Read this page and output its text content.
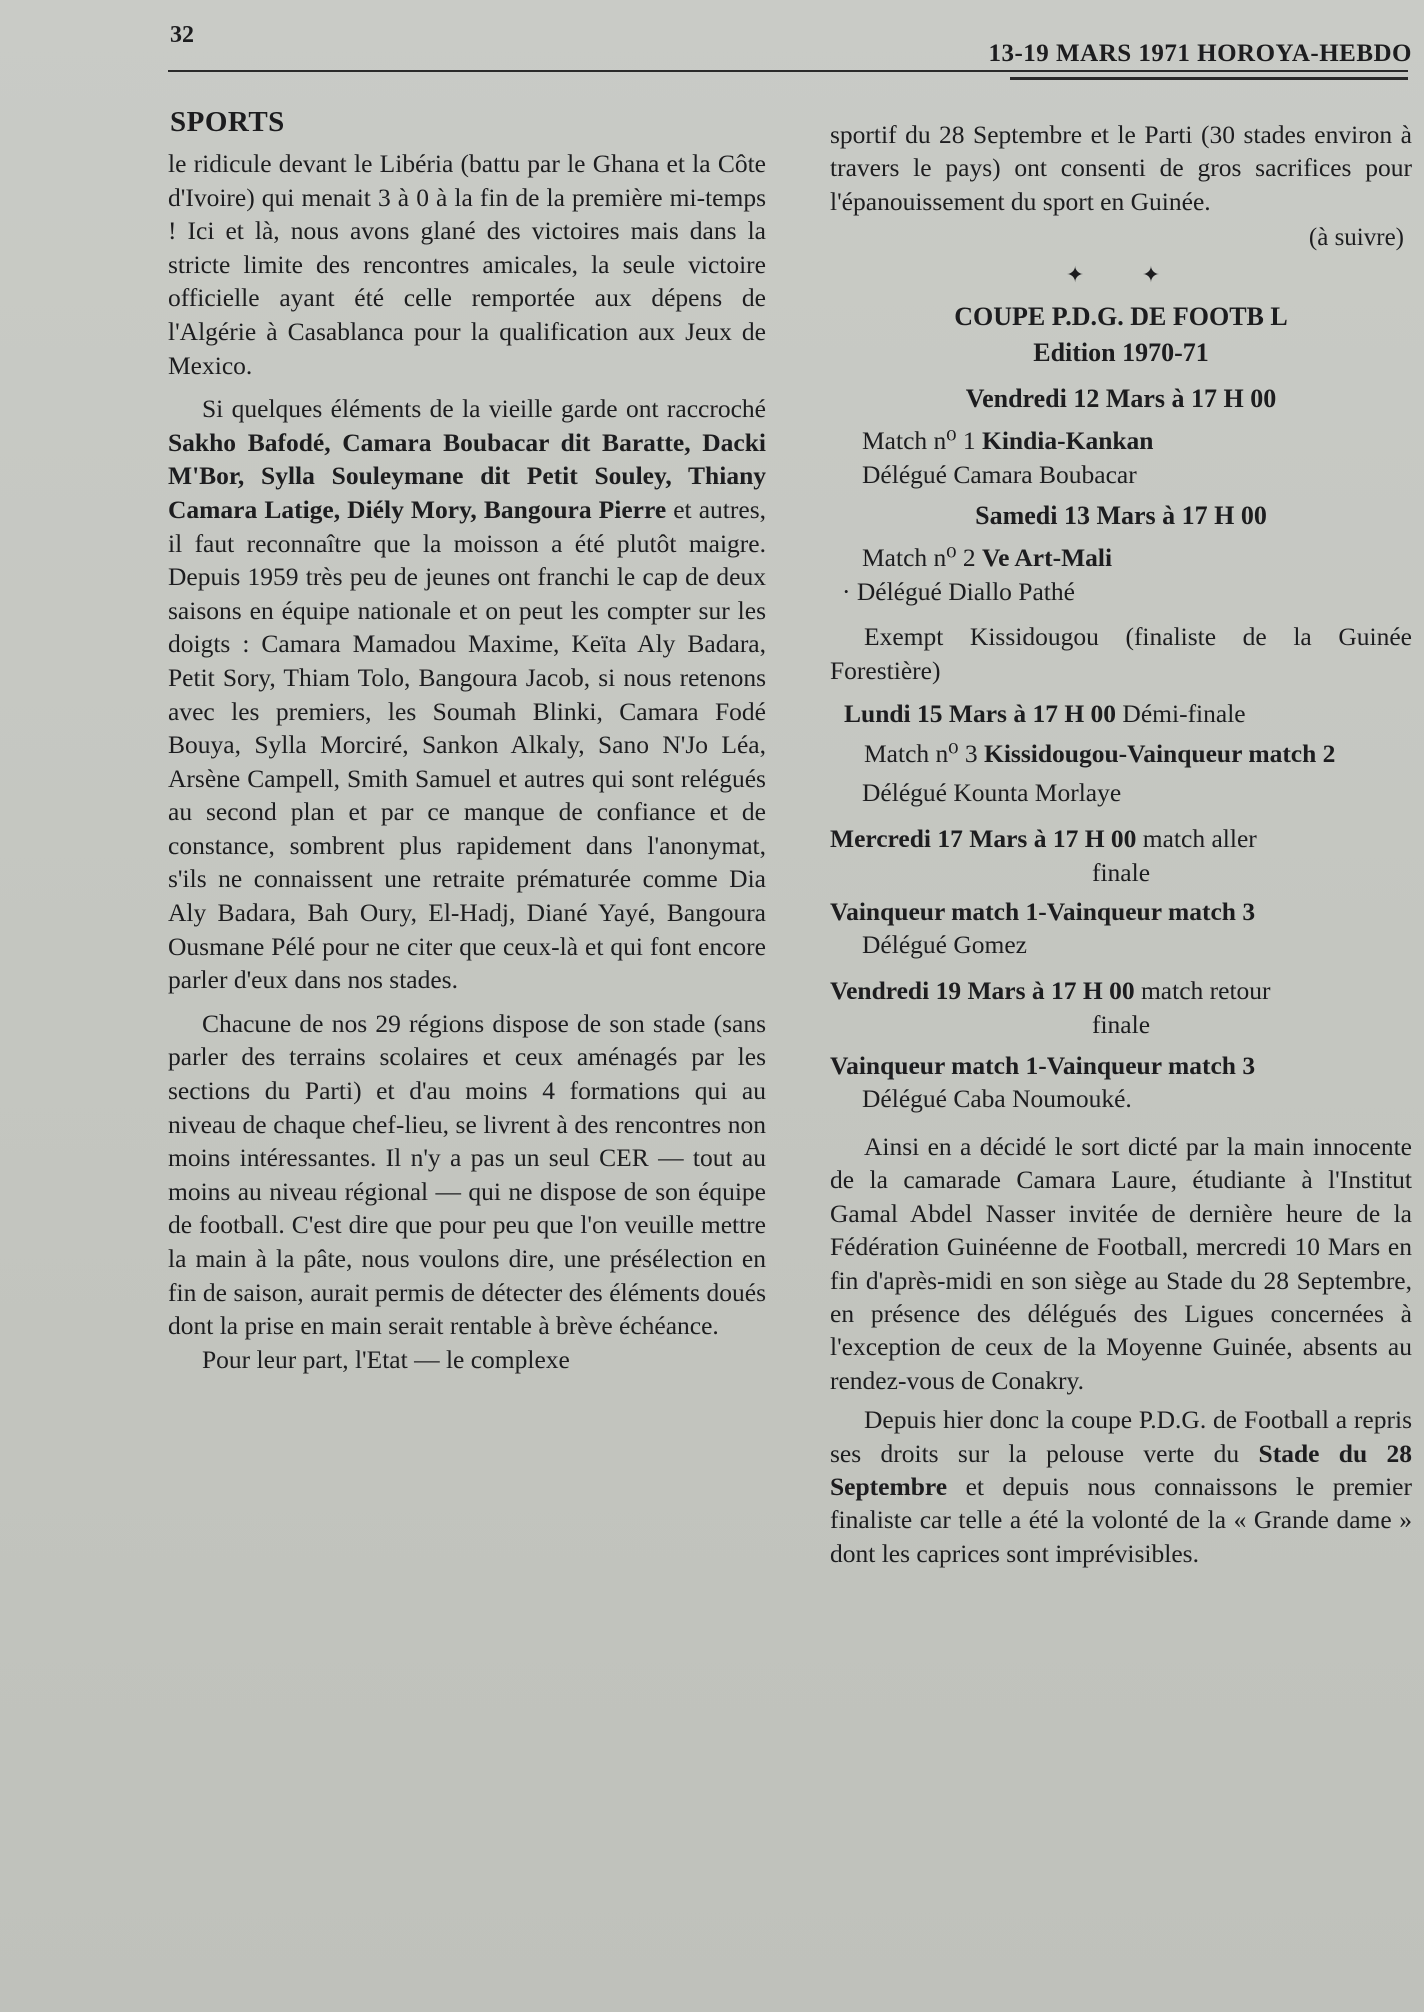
32
13-19 MARS 1971 HOROYA-HEBDO
SPORTS

le ridicule devant le Libéria (battu par le Ghana et la Côte d'Ivoire) qui menait 3 à 0 à la fin de la première mi-temps ! Ici et là, nous avons glané des victoires mais dans la stricte limite des rencontres amicales, la seule victoire officielle ayant été celle remportée aux dépens de l'Algérie à Casablanca pour la qualification aux Jeux de Mexico.

Si quelques éléments de la vieille garde ont raccroché Sakho Bafodé, Camara Boubacar dit Baratte, Dacki M'Bor, Sylla Souleymane dit Petit Souley, Thiany Camara Latige, Diély Mory, Bangoura Pierre et autres, il faut reconnaître que la moisson a été plutôt maigre. Depuis 1959 très peu de jeunes ont franchi le cap de deux saisons en équipe nationale et on peut les compter sur les doigts : Camara Mamadou Maxime, Keïta Aly Badara, Petit Sory, Thiam Tolo, Bangoura Jacob, si nous retenons avec les premiers, les Soumah Blinki, Camara Fodé Bouya, Sylla Morciré, Sankon Alkaly, Sano N'Jo Léa, Arsène Campell, Smith Samuel et autres qui sont relégués au second plan et par ce manque de confiance et de constance, sombrent plus rapidement dans l'anonymat, s'ils ne connaissent une retraite prématurée comme Dia Aly Badara, Bah Oury, El-Hadj, Diané Yayé, Bangoura Ousmane Pélé pour ne citer que ceux-là et qui font encore parler d'eux dans nos stades.

Chacune de nos 29 régions dispose de son stade (sans parler des terrains scolaires et ceux aménagés par les sections du Parti) et d'au moins 4 formations qui au niveau de chaque chef-lieu, se livrent à des rencontres non moins intéressantes. Il n'y a pas un seul CER — tout au moins au niveau régional — qui ne dispose de son équipe de football. C'est dire que pour peu que l'on veuille mettre la main à la pâte, nous voulons dire, une présélection en fin de saison, aurait permis de détecter des éléments doués dont la prise en main serait rentable à brève échéance.

Pour leur part, l'Etat — le complexe

sportif du 28 Septembre et le Parti (30 stades environ à travers le pays) ont consenti de gros sacrifices pour l'épanouissement du sport en Guinée.

(à suivre)
✦ ✦
COUPE P.D.G. DE FOOTB L
Edition 1970-71
Vendredi 12 Mars à 17 H 00
Match n⁰ 1 Kindia-Kankan
Délégué Camara Boubacar
Samedi 13 Mars à 17 H 00
Match n⁰ 2 Ve Art-Mali
· Délégué Diallo Pathé

Exempt Kissidougou (finaliste de la Guinée Forestière)

Lundi 15 Mars à 17 H 00 Démi-finale

Match n⁰ 3 Kissidougou-Vainqueur match 2

Délégué Kounta Morlaye
Mercredi 17 Mars à 17 H 00 match aller
finale
Vainqueur match 1-Vainqueur match 3
Délégué Gomez
Vendredi 19 Mars à 17 H 00 match retour
finale
Vainqueur match 1-Vainqueur match 3
Délégué Caba Noumouké.

Ainsi en a décidé le sort dicté par la main innocente de la camarade Camara Laure, étudiante à l'Institut Gamal Abdel Nasser invitée de dernière heure de la Fédération Guinéenne de Football, mercredi 10 Mars en fin d'après-midi en son siège au Stade du 28 Septembre, en présence des délégués des Ligues concernées à l'exception de ceux de la Moyenne Guinée, absents au rendez-vous de Conakry.

Depuis hier donc la coupe P.D.G. de Football a repris ses droits sur la pelouse verte du Stade du 28 Septembre et depuis nous connaissons le premier finaliste car telle a été la volonté de la « Grande dame » dont les caprices sont imprévisibles.
